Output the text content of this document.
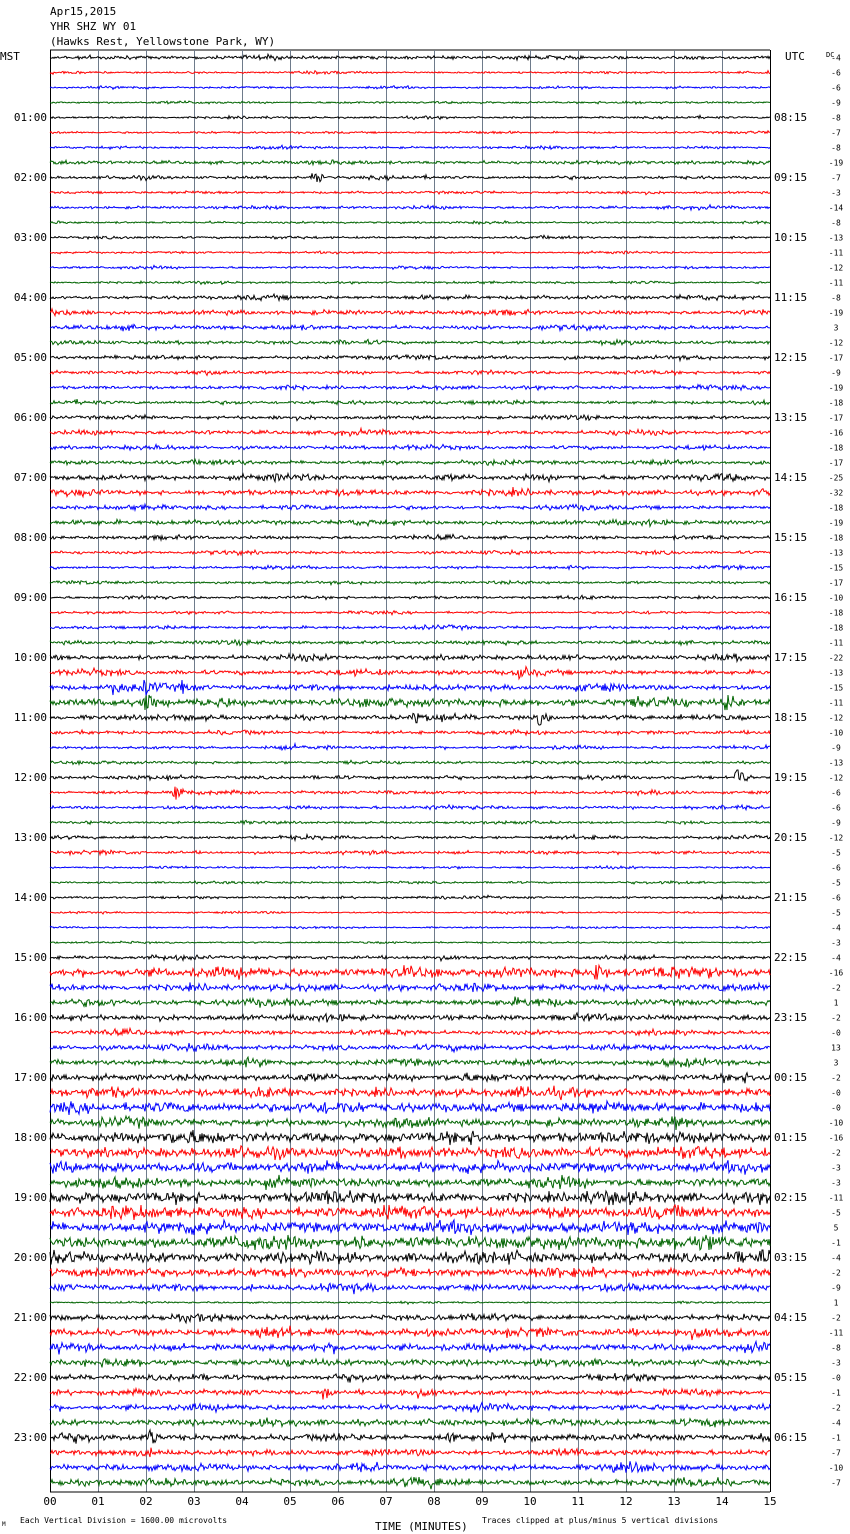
Apr15,2015
YHR SHZ WY 01
(Hawks Rest, Yellowstone Park, WY)
-4
-6
-6
-9
-8
-7
-8
-19
-7
-3
-14
-8
-13
-11
-12
-11
-8
-19
3
-12
-17
-9
-19
-18
-17
-16
-18
-17
-25
-32
-18
-19
-18
-13
-15
-17
-10
-18
-18
-11
-22
-13
-15
-11
-12
-10
-9
-13
-12
-6
-6
-9
-12
-5
-6
-5
-6
-5
-4
-3
-4
-16
-2
1
-2
-0
13
3
-2
-0
-0
-10
-16
-2
-3
-3
-11
-5
5
-1
-4
-2
-9
1
-2
-11
-8
-3
-0
-1
-2
-4
-1
-7
-10
-7
01:00
02:00
03:00
04:00
05:00
06:00
07:00
08:00
09:00
10:00
11:00
12:00
13:00
14:00
15:00
16:00
17:00
18:00
19:00
20:00
21:00
22:00
23:00
08:15
09:15
10:15
11:15
12:15
13:15
14:15
15:15
16:15
17:15
18:15
19:15
20:15
21:15
22:15
23:15
00:15
01:15
02:15
03:15
04:15
05:15
06:15
MST	UTC	DC
00	01	02	03	04	05	06	07	08	09	10	11	12	13	14	15
TIME (MINUTES)
Each Vertical Division = 1600.00 microvolts	Traces clipped at plus/minus 5 vertical divisions
M
